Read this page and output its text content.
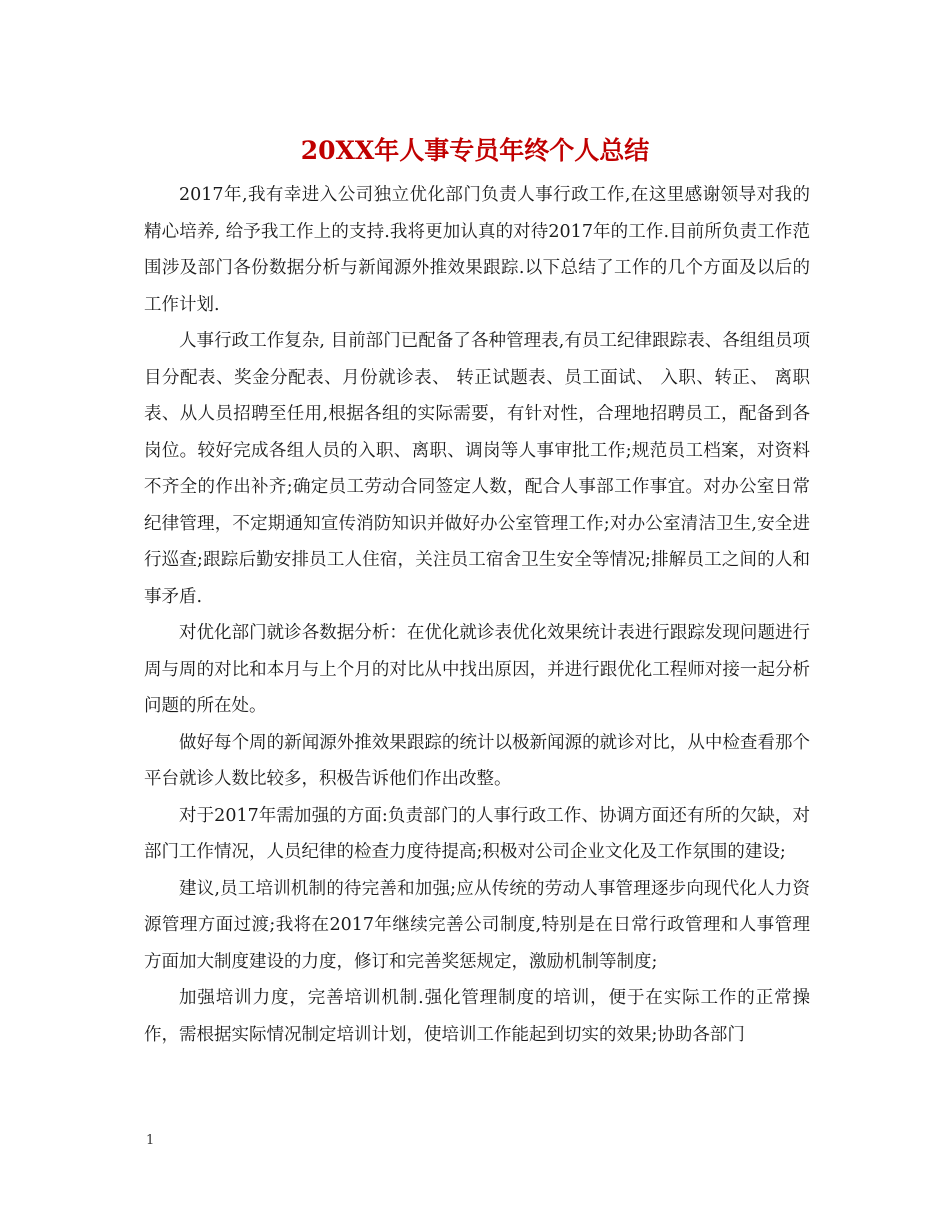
20XX年人事专员年终个人总结

2017年,我有幸进入公司独立优化部门负责人事行政工作,在这里感谢领导对我的精心培养, 给予我工作上的支持.我将更加认真的对待2017年的工作.目前所负责工作范围涉及部门各份数据分析与新闻源外推效果跟踪.以下总结了工作的几个方面及以后的工作计划.

人事行政工作复杂, 目前部门已配备了各种管理表,有员工纪律跟踪表、各组组员项目分配表、奖金分配表、月份就诊表、 转正试题表、员工面试、 入职、转正、 离职表、从人员招聘至任用,根据各组的实际需要，有针对性，合理地招聘员工，配备到各岗位。较好完成各组人员的入职、离职、调岗等人事审批工作;规范员工档案，对资料不齐全的作出补齐;确定员工劳动合同签定人数，配合人事部工作事宜。对办公室日常纪律管理，不定期通知宣传消防知识并做好办公室管理工作;对办公室清洁卫生,安全进行巡查;跟踪后勤安排员工人住宿，关注员工宿舍卫生安全等情况;排解员工之间的人和事矛盾.

对优化部门就诊各数据分析：在优化就诊表优化效果统计表进行跟踪发现问题进行周与周的对比和本月与上个月的对比从中找出原因，并进行跟优化工程师对接一起分析问题的所在处。

做好每个周的新闻源外推效果跟踪的统计以极新闻源的就诊对比，从中检查看那个平台就诊人数比较多，积极告诉他们作出改整。

对于2017年需加强的方面:负责部门的人事行政工作、协调方面还有所的欠缺，对部门工作情况，人员纪律的检查力度待提高;积极对公司企业文化及工作氛围的建设;

建议,员工培训机制的待完善和加强;应从传统的劳动人事管理逐步向现代化人力资源管理方面过渡;我将在2017年继续完善公司制度,特别是在日常行政管理和人事管理方面加大制度建设的力度，修订和完善奖惩规定，激励机制等制度;

加强培训力度，完善培训机制.强化管理制度的培训，便于在实际工作的正常操作，需根据实际情况制定培训计划，使培训工作能起到切实的效果;协助各部门

1
